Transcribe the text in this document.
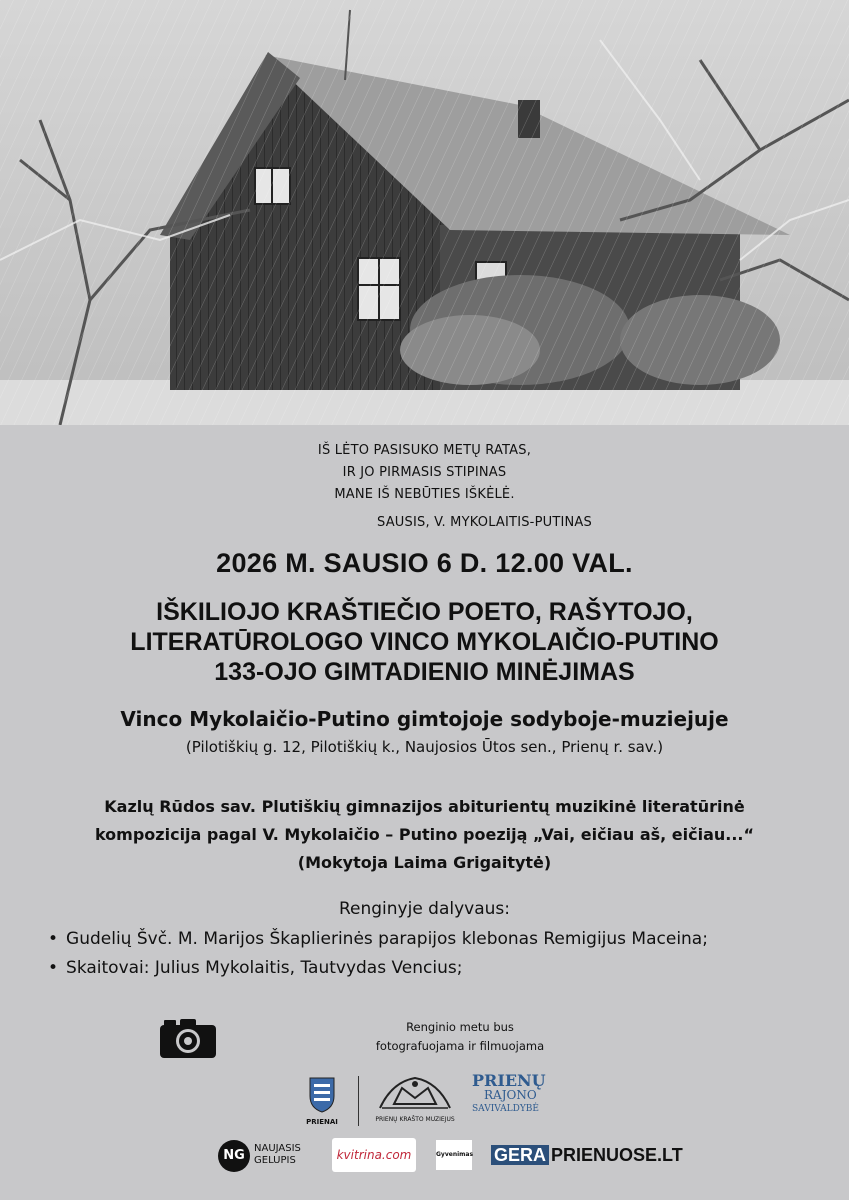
IŠ LĖTO PASISUKO METŲ RATAS,
IR JO PIRMASIS STIPINAS
MANE IŠ NEBŪTIES IŠKĖLĖ.
SAUSIS, V. MYKOLAITIS-PUTINAS
2026 M. SAUSIO 6 D. 12.00 VAL.
IŠKILIOJO KRAŠTIEČIO POETO, RAŠYTOJO,
LITERATŪROLOGO VINCO MYKOLAIČIO-PUTINO
133-OJO GIMTADIENIO MINĖJIMAS
Vinco Mykolaičio-Putino gimtojoje sodyboje-muziejuje
(Pilotiškių g. 12, Pilotiškių k., Naujosios Ūtos sen., Prienų r. sav.)
Kazlų Rūdos sav. Plutiškių gimnazijos abiturientų muzikinė literatūrinė
kompozicija pagal V. Mykolaičio – Putino poeziją „Vai, eičiau aš, eičiau...“
(Mokytoja Laima Grigaitytė)
Renginyje dalyvaus:
• Gudelių Švč. M. Marijos Škaplierinės parapijos klebonas Remigijus Maceina;
• Skaitovai: Julius Mykolaitis, Tautvydas Vencius;
Renginio metu bus
fotografuojama ir filmuojama
PRIENAI	PRIENŲ KRAŠTO MUZIEJUS
PRIENŲ
RAJONO
SAVIVALDYBĖ
NG NAUJASIS
GELUPIS	kvitrina.com	Gyvenimas GERA PRIENUOSE.LT
